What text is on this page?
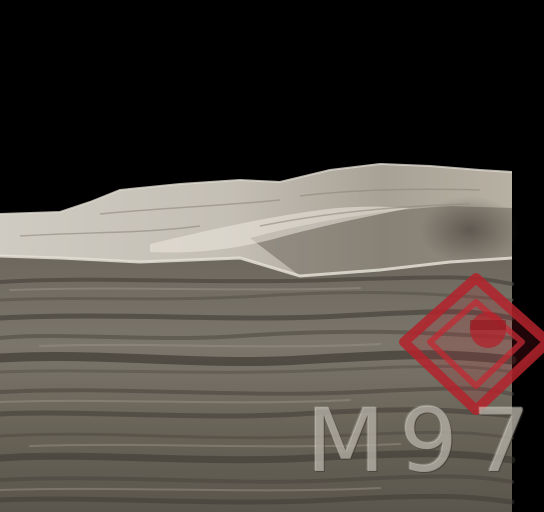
M97
